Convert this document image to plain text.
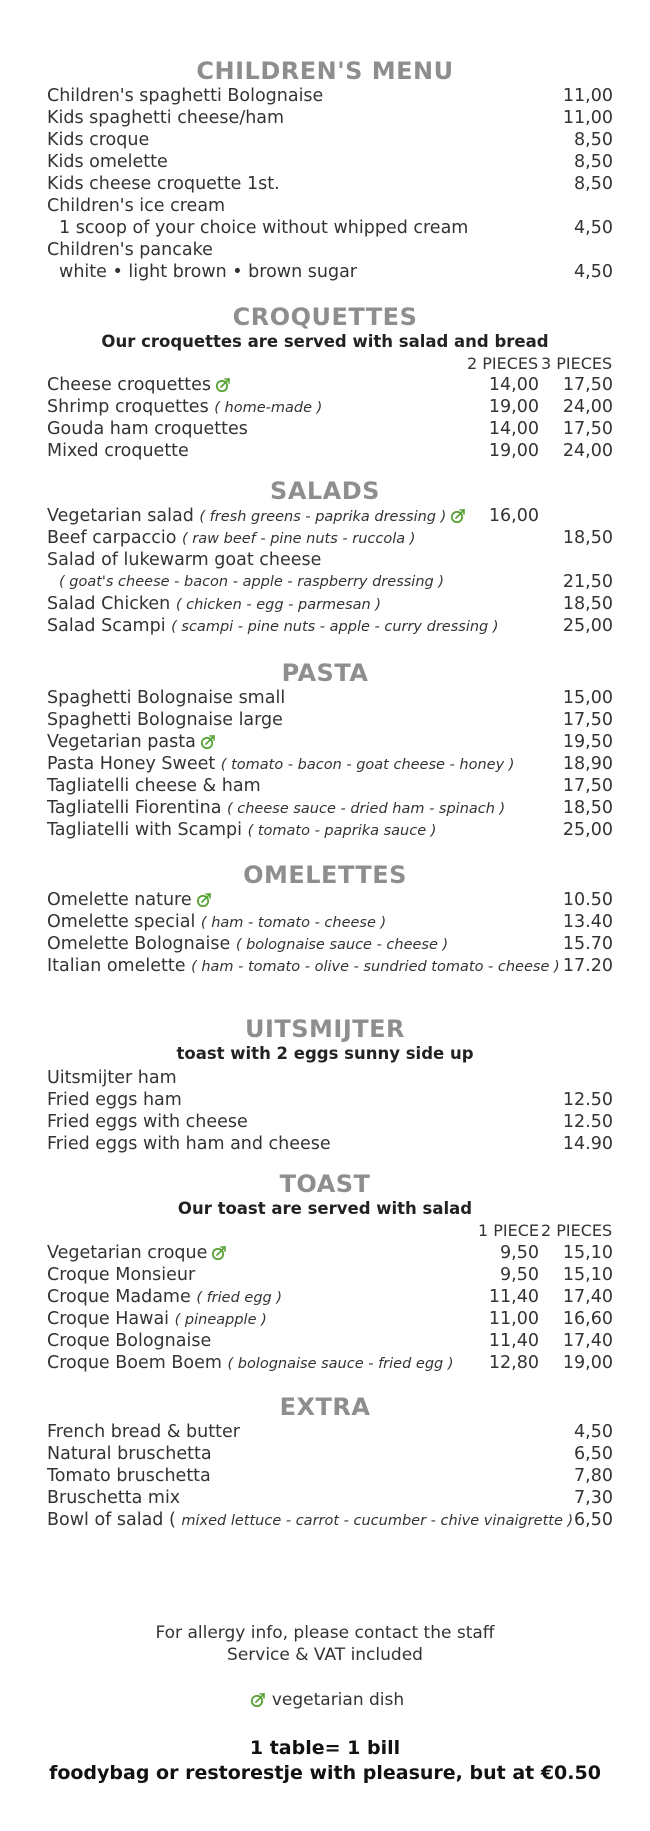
CHILDREN'S MENU
Children's spaghetti Bolognaise	11,00
Kids spaghetti cheese/ham	11,00
Kids croque	8,50
Kids omelette	8,50
Kids cheese croquette 1st.	8,50
Children's ice cream
1 scoop of your choice without whipped cream	4,50
Children's pancake
white • light brown • brown sugar	4,50
CROQUETTES
Our croquettes are served with salad and bread
2 PIECES 3 PIECES
Cheese croquettes	14,00 17,50
Shrimp croquettes ( home-made )	19,00 24,00
Gouda ham croquettes	14,00 17,50
Mixed croquette	19,00 24,00
SALADS
Vegetarian salad ( fresh greens - paprika dressing )	16,00
Beef carpaccio ( raw beef - pine nuts - ruccola )	18,50
Salad of lukewarm goat cheese
( goat's cheese - bacon - apple - raspberry dressing )	21,50
Salad Chicken ( chicken - egg - parmesan )	18,50
Salad Scampi ( scampi - pine nuts - apple - curry dressing )	25,00
PASTA
Spaghetti Bolognaise small	15,00
Spaghetti Bolognaise large	17,50
Vegetarian pasta	19,50
Pasta Honey Sweet ( tomato - bacon - goat cheese - honey )	18,90
Tagliatelli cheese & ham	17,50
Tagliatelli Fiorentina ( cheese sauce - dried ham - spinach )	18,50
Tagliatelli with Scampi ( tomato - paprika sauce )	25,00
OMELETTES
Omelette nature	10.50
Omelette special ( ham - tomato - cheese )	13.40
Omelette Bolognaise ( bolognaise sauce - cheese )	15.70
Italian omelette ( ham - tomato - olive - sundried tomato - cheese ) 17.20
UITSMIJTER
toast with 2 eggs sunny side up
Uitsmijter ham
Fried eggs ham	12.50
Fried eggs with cheese	12.50
Fried eggs with ham and cheese	14.90
TOAST
Our toast are served with salad
1 PIECE 2 PIECES
Vegetarian croque	9,50 15,10
Croque Monsieur	9,50 15,10
Croque Madame ( fried egg )	11,40 17,40
Croque Hawai ( pineapple )	11,00 16,60
Croque Bolognaise	11,40 17,40
Croque Boem Boem ( bolognaise sauce - fried egg ) 12,80 19,00
EXTRA
French bread & butter	4,50
Natural bruschetta	6,50
Tomato bruschetta	7,80
Bruschetta mix	7,30
Bowl of salad ( mixed lettuce - carrot - cucumber - chive vinaigrette ) 6,50
For allergy info, please contact the staff
Service & VAT included
vegetarian dish
1 table= 1 bill
foodybag or restorestje with pleasure, but at €0.50
